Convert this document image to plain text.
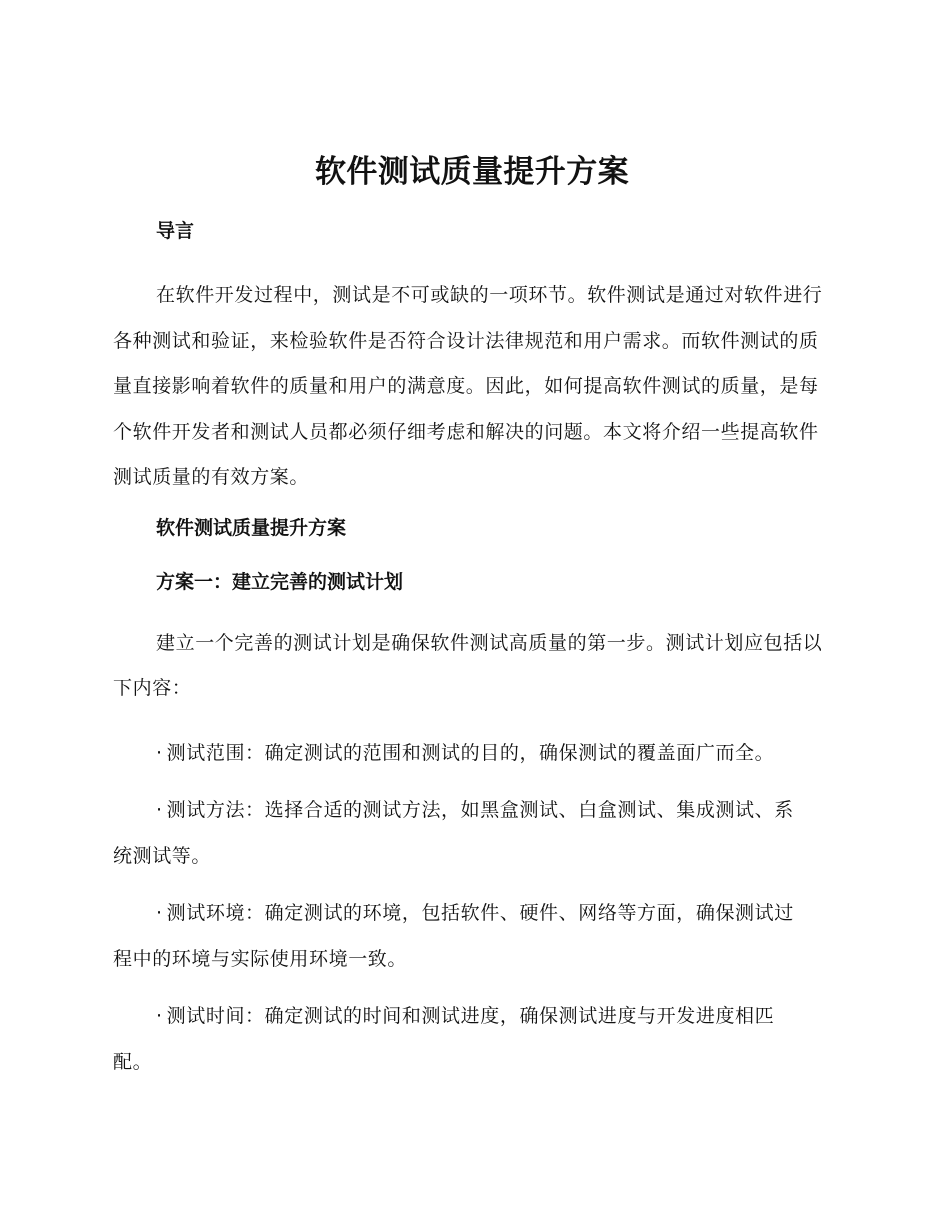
软件测试质量提升方案
导言

在软件开发过程中，测试是不可或缺的一项环节。软件测试是通过对软件进行各种测试和验证，来检验软件是否符合设计法律规范和用户需求。而软件测试的质量直接影响着软件的质量和用户的满意度。因此，如何提高软件测试的质量，是每个软件开发者和测试人员都必须仔细考虑和解决的问题。本文将介绍一些提高软件测试质量的有效方案。

软件测试质量提升方案
方案一：建立完善的测试计划

建立一个完善的测试计划是确保软件测试高质量的第一步。测试计划应包括以下内容：

· 测试范围：确定测试的范围和测试的目的，确保测试的覆盖面广而全。

· 测试方法：选择合适的测试方法，如黑盒测试、白盒测试、集成测试、系统测试等。

· 测试环境：确定测试的环境，包括软件、硬件、网络等方面，确保测试过程中的环境与实际使用环境一致。

· 测试时间：确定测试的时间和测试进度，确保测试进度与开发进度相匹配。
